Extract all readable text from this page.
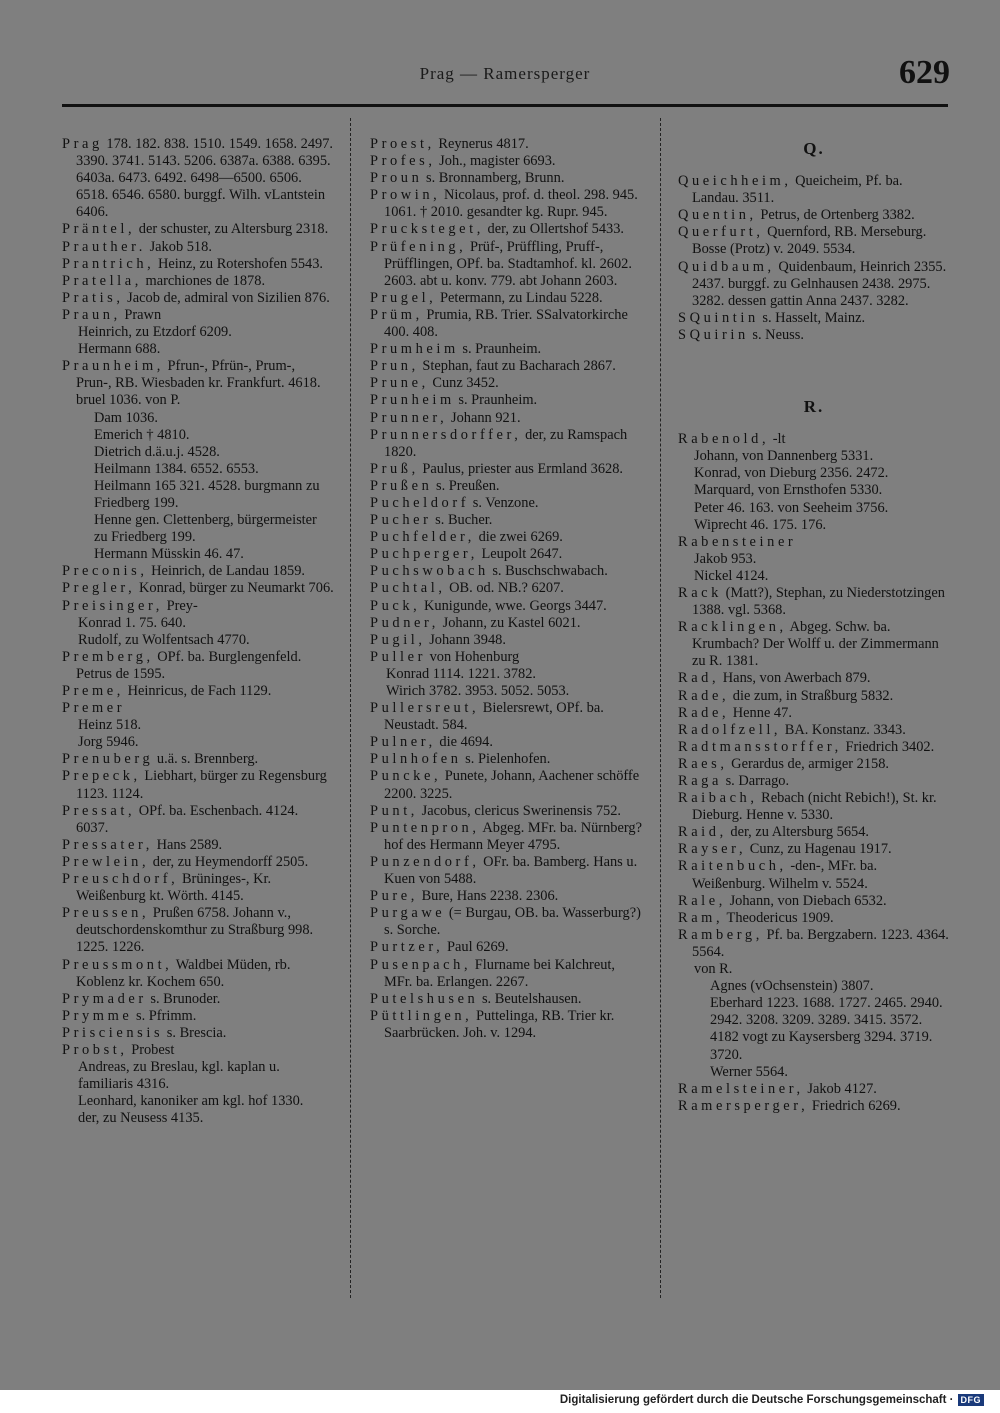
Prag — Ramersperger	629
Prag 178. 182. 838. 1510. 1549. 1658. 2497. 3390. 3741. 5143. 5206. 6387a. 6388. 6395. 6403a. 6473. 6492. 6498—6500. 6506. 6518. 6546. 6580. burggf. Wilh. vLantstein 6406.
Präntel, der schuster, zu Altersburg 2318.
Prauther. Jakob 518.
Prantrich, Heinz, zu Rotershofen 5543.
Pratella, marchiones de 1878.
Pratis, Jacob de, admiral von Sizilien 876.
Praun, Prawn
Heinrich, zu Etzdorf 6209.
Hermann 688.
Praunheim, Pfrun-, Pfrün-, Prum-, Prun-, RB. Wiesbaden kr. Frankfurt. 4618. bruel 1036. von P.
Dam 1036.
Emerich † 4810.
Dietrich d.ä.u.j. 4528.
Heilmann 1384. 6552. 6553.
Heilmann 165 321. 4528. burgmann zu Friedberg 199.
Henne gen. Clettenberg, bürgermeister zu Friedberg 199.
Hermann Müsskin 46. 47.
Preconis, Heinrich, de Landau 1859.
Pregler, Konrad, bürger zu Neumarkt 706.
Preisinger, Prey-
Konrad 1. 75. 640.
Rudolf, zu Wolfentsach 4770.
Premberg, OPf. ba. Burglengenfeld. Petrus de 1595.
Preme, Heinricus, de Fach 1129.
Premer
Heinz 518.
Jorg 5946.
Prenuberg u.ä. s. Brennberg.
Prepeck, Liebhart, bürger zu Regensburg 1123. 1124.
Pressat, OPf. ba. Eschenbach. 4124. 6037.
Pressater, Hans 2589.
Prewlein, der, zu Heymendorff 2505.
Preuschdorf, Brüninges-, Kr. Weißenburg kt. Wörth. 4145.
Preussen, Prußen 6758. Johann v., deutschordenskomthur zu Straßburg 998. 1225. 1226.
Preussmont, Waldbei Müden, rb. Koblenz kr. Kochem 650.
Prymader s. Brunoder.
Prymme s. Pfrimm.
Prisciensis s. Brescia.
Probst, Probest
Andreas, zu Breslau, kgl. kaplan u. familiaris 4316.
Leonhard, kanoniker am kgl. hof 1330.
der, zu Neusess 4135.
Proest, Reynerus 4817.
Profes, Joh., magister 6693.
Proun s. Bronnamberg, Brunn.
Prowin, Nicolaus, prof. d. theol. 298. 945. 1061. † 2010. gesandter kg. Rupr. 945.
Prucksteget, der, zu Ollertshof 5433.
Prüfening, Prüf-, Prüffling, Pruff-, Prüfflingen, OPf. ba. Stadtamhof. kl. 2602. 2603. abt u. konv. 779. abt Johann 2603.
Prugel, Petermann, zu Lindau 5228.
Prüm, Prumia, RB. Trier. SSalvatorkirche 400. 408.
Prumheim s. Praunheim.
Prun, Stephan, faut zu Bacharach 2867.
Prune, Cunz 3452.
Prunheim s. Praunheim.
Prunner, Johann 921.
Prunnersdorffer, der, zu Ramspach 1820.
Pruß, Paulus, priester aus Ermland 3628.
Prußen s. Preußen.
Pucheldorf s. Venzone.
Pucher s. Bucher.
Puchfelder, die zwei 6269.
Puchperger, Leupolt 2647.
Puchswobach s. Buschschwabach.
Puchtal, OB. od. NB.? 6207.
Puck, Kunigunde, wwe. Georgs 3447.
Pudner, Johann, zu Kastel 6021.
Pugil, Johann 3948.
Puller von Hohenburg
Konrad 1114. 1221. 3782.
Wirich 3782. 3953. 5052. 5053.
Pullersreut, Bielersrewt, OPf. ba. Neustadt. 584.
Pulner, die 4694.
Pulnhofen s. Pielenhofen.
Puncke, Punete, Johann, Aachener schöffe 2200. 3225.
Punt, Jacobus, clericus Swerinensis 752.
Puntenpron, Abgeg. MFr. ba. Nürnberg? hof des Hermann Meyer 4795.
Punzendorf, OFr. ba. Bamberg. Hans u. Kuen von 5488.
Pure, Bure, Hans 2238. 2306.
Purgawe (= Burgau, OB. ba. Wasserburg?) s. Sorche.
Purtzer, Paul 6269.
Pusenpach, Flurname bei Kalchreut, MFr. ba. Erlangen. 2267.
Putelshusen s. Beutelshausen.
Püttlingen, Puttelinga, RB. Trier kr. Saarbrücken. Joh. v. 1294.
Q.
Queichheim, Queicheim, Pf. ba. Landau. 3511.
Quentin, Petrus, de Ortenberg 3382.
Querfurt, Quernford, RB. Merseburg. Bosse (Protz) v. 2049. 5534.
Quidbaum, Quidenbaum, Heinrich 2355. 2437. burggf. zu Gelnhausen 2438. 2975. 3282. dessen gattin Anna 2437. 3282.
SQuintin s. Hasselt, Mainz.
SQuirin s. Neuss.
R.
Rabenold, -lt
Johann, von Dannenberg 5331.
Konrad, von Dieburg 2356. 2472.
Marquard, von Ernsthofen 5330.
Peter 46. 163. von Seeheim 3756.
Wiprecht 46. 175. 176.
Rabensteiner
Jakob 953.
Nickel 4124.
Rack (Matt?), Stephan, zu Niederstotzingen 1388. vgl. 5368.
Racklingen, Abgeg. Schw. ba. Krumbach? Der Wolff u. der Zimmermann zu R. 1381.
Rad, Hans, von Awerbach 879.
Rade, die zum, in Straßburg 5832.
Rade, Henne 47.
Radolfzell, BA. Konstanz. 3343.
Radtmansstorffer, Friedrich 3402.
Raes, Gerardus de, armiger 2158.
Raga s. Darrago.
Raibach, Rebach (nicht Rebich!), St. kr. Dieburg. Henne v. 5330.
Raid, der, zu Altersburg 5654.
Rayser, Cunz, zu Hagenau 1917.
Raitenbuch, -den-, MFr. ba. Weißenburg. Wilhelm v. 5524.
Rale, Johann, von Diebach 6532.
Ram, Theodericus 1909.
Ramberg, Pf. ba. Bergzabern. 1223. 4364. 5564.
von R.
Agnes (vOchsenstein) 3807.
Eberhard 1223. 1688. 1727. 2465. 2940. 2942. 3208. 3209. 3289. 3415. 3572. 4182 vogt zu Kaysersberg 3294. 3719. 3720.
Werner 5564.
Ramelsteiner, Jakob 4127.
Ramersperger, Friedrich 6269.
Digitalisierung gefördert durch die Deutsche Forschungsgemeinschaft · DFG
